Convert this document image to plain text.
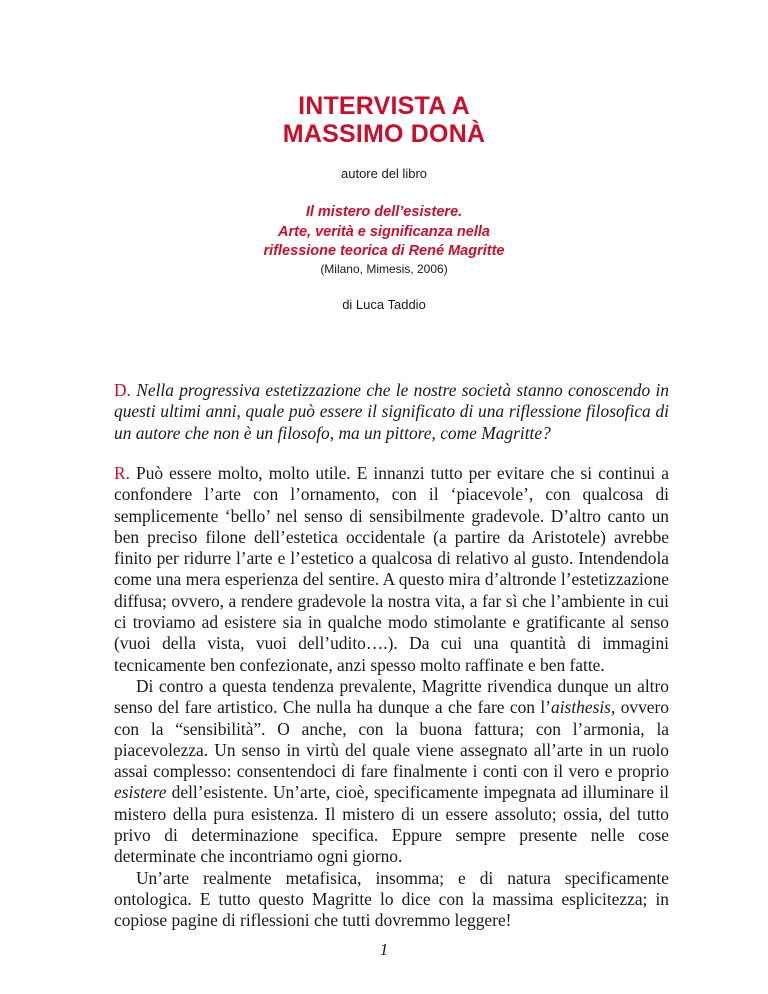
INTERVISTA A
MASSIMO DONÀ
autore del libro
Il mistero dell’esistere.
Arte, verità e significanza nella
riflessione teorica di René Magritte
(Milano, Mimesis, 2006)
di Luca Taddio

D. Nella progressiva estetizzazione che le nostre società stanno conoscendo in questi ultimi anni, quale può essere il significato di una riflessione filosofica di un autore che non è un filosofo, ma un pittore, come Magritte?

R. Può essere molto, molto utile. E innanzi tutto per evitare che si continui a confondere l’arte con l’ornamento, con il ‘piacevole’, con qualcosa di semplicemente ‘bello’ nel senso di sensibilmente gradevole. D’altro canto un ben preciso filone dell’estetica occidentale (a partire da Aristotele) avrebbe finito per ridurre l’arte e l’estetico a qualcosa di relativo al gusto. Intendendola come una mera esperienza del sentire. A questo mira d’altronde l’estetizzazione diffusa; ovvero, a rendere gradevole la nostra vita, a far sì che l’ambiente in cui ci troviamo ad esistere sia in qualche modo stimolante e gratificante al senso (vuoi della vista, vuoi dell’udito….). Da cui una quantità di immagini tecnicamente ben confezionate, anzi spesso molto raffinate e ben fatte.

Di contro a questa tendenza prevalente, Magritte rivendica dunque un altro senso del fare artistico. Che nulla ha dunque a che fare con l’aisthesis, ovvero con la “sensibilità”. O anche, con la buona fattura; con l’armonia, la piacevolezza. Un senso in virtù del quale viene assegnato all’arte in un ruolo assai complesso: consentendoci di fare finalmente i conti con il vero e proprio esistere dell’esistente. Un’arte, cioè, specificamente impegnata ad illuminare il mistero della pura esistenza. Il mistero di un essere assoluto; ossia, del tutto privo di determinazione specifica. Eppure sempre presente nelle cose determinate che incontriamo ogni giorno.

Un’arte realmente metafisica, insomma; e di natura specificamente ontologica. E tutto questo Magritte lo dice con la massima esplicitezza; in copiose pagine di riflessioni che tutti dovremmo leggere!

1
